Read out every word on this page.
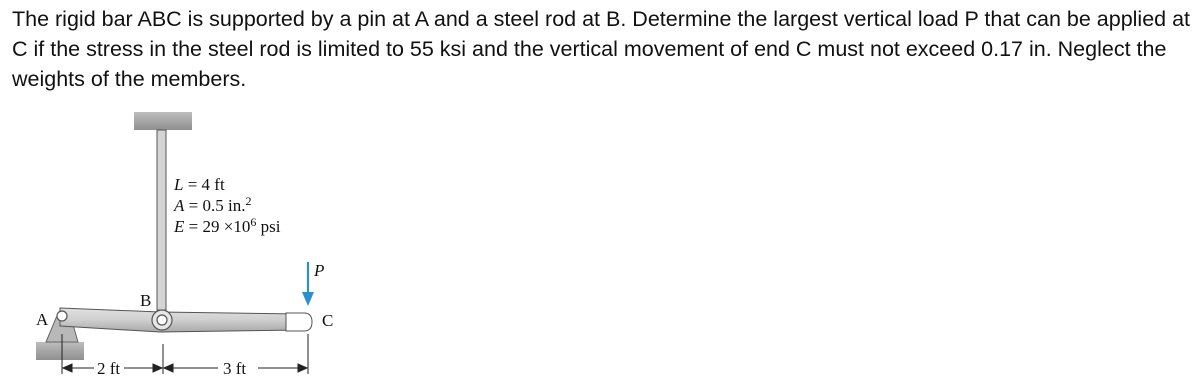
The rigid bar ABC is supported by a pin at A and a steel rod at B. Determine the largest vertical load P that can be applied at C if the stress in the steel rod is limited to 55 ksi and the vertical movement of end C must not exceed 0.17 in. Neglect the weights of the members.
L = 4 ft
A = 0.5 in.$^2$
$E = 29 \times 10^6$ psi
A
B
C
P
2 ft	3 ft
